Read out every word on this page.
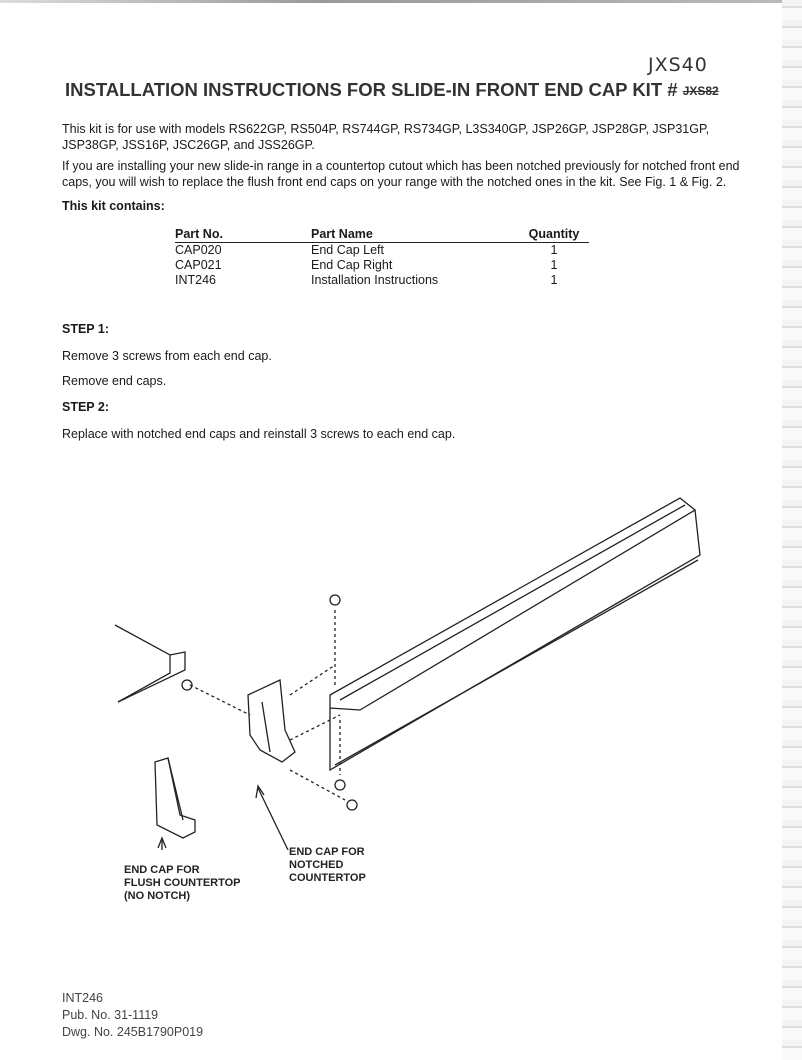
JXS40
INSTALLATION INSTRUCTIONS FOR SLIDE-IN FRONT END CAP KIT # JXS82
This kit is for use with models RS622GP, RS504P, RS744GP, RS734GP, L3S340GP, JSP26GP, JSP28GP, JSP31GP, JSP38GP, JSS16P, JSC26GP, and JSS26GP.
If you are installing your new slide-in range in a countertop cutout which has been notched previously for notched front end caps, you will wish to replace the flush front end caps on your range with the notched ones in the kit. See Fig. 1 & Fig. 2.
This kit contains:
Part No.	Part Name	Quantity
CAP020	End Cap Left	1
CAP021	End Cap Right	1
INT246	Installation Instructions	1
STEP 1:
Remove 3 screws from each end cap.
Remove end caps.
STEP 2:
Replace with notched end caps and reinstall 3 screws to each end cap.
END CAP FOR
FLUSH COUNTERTOP
(NO NOTCH)
END CAP FOR
NOTCHED
COUNTERTOP
INT246
Pub. No. 31-1119
Dwg. No. 245B1790P019
